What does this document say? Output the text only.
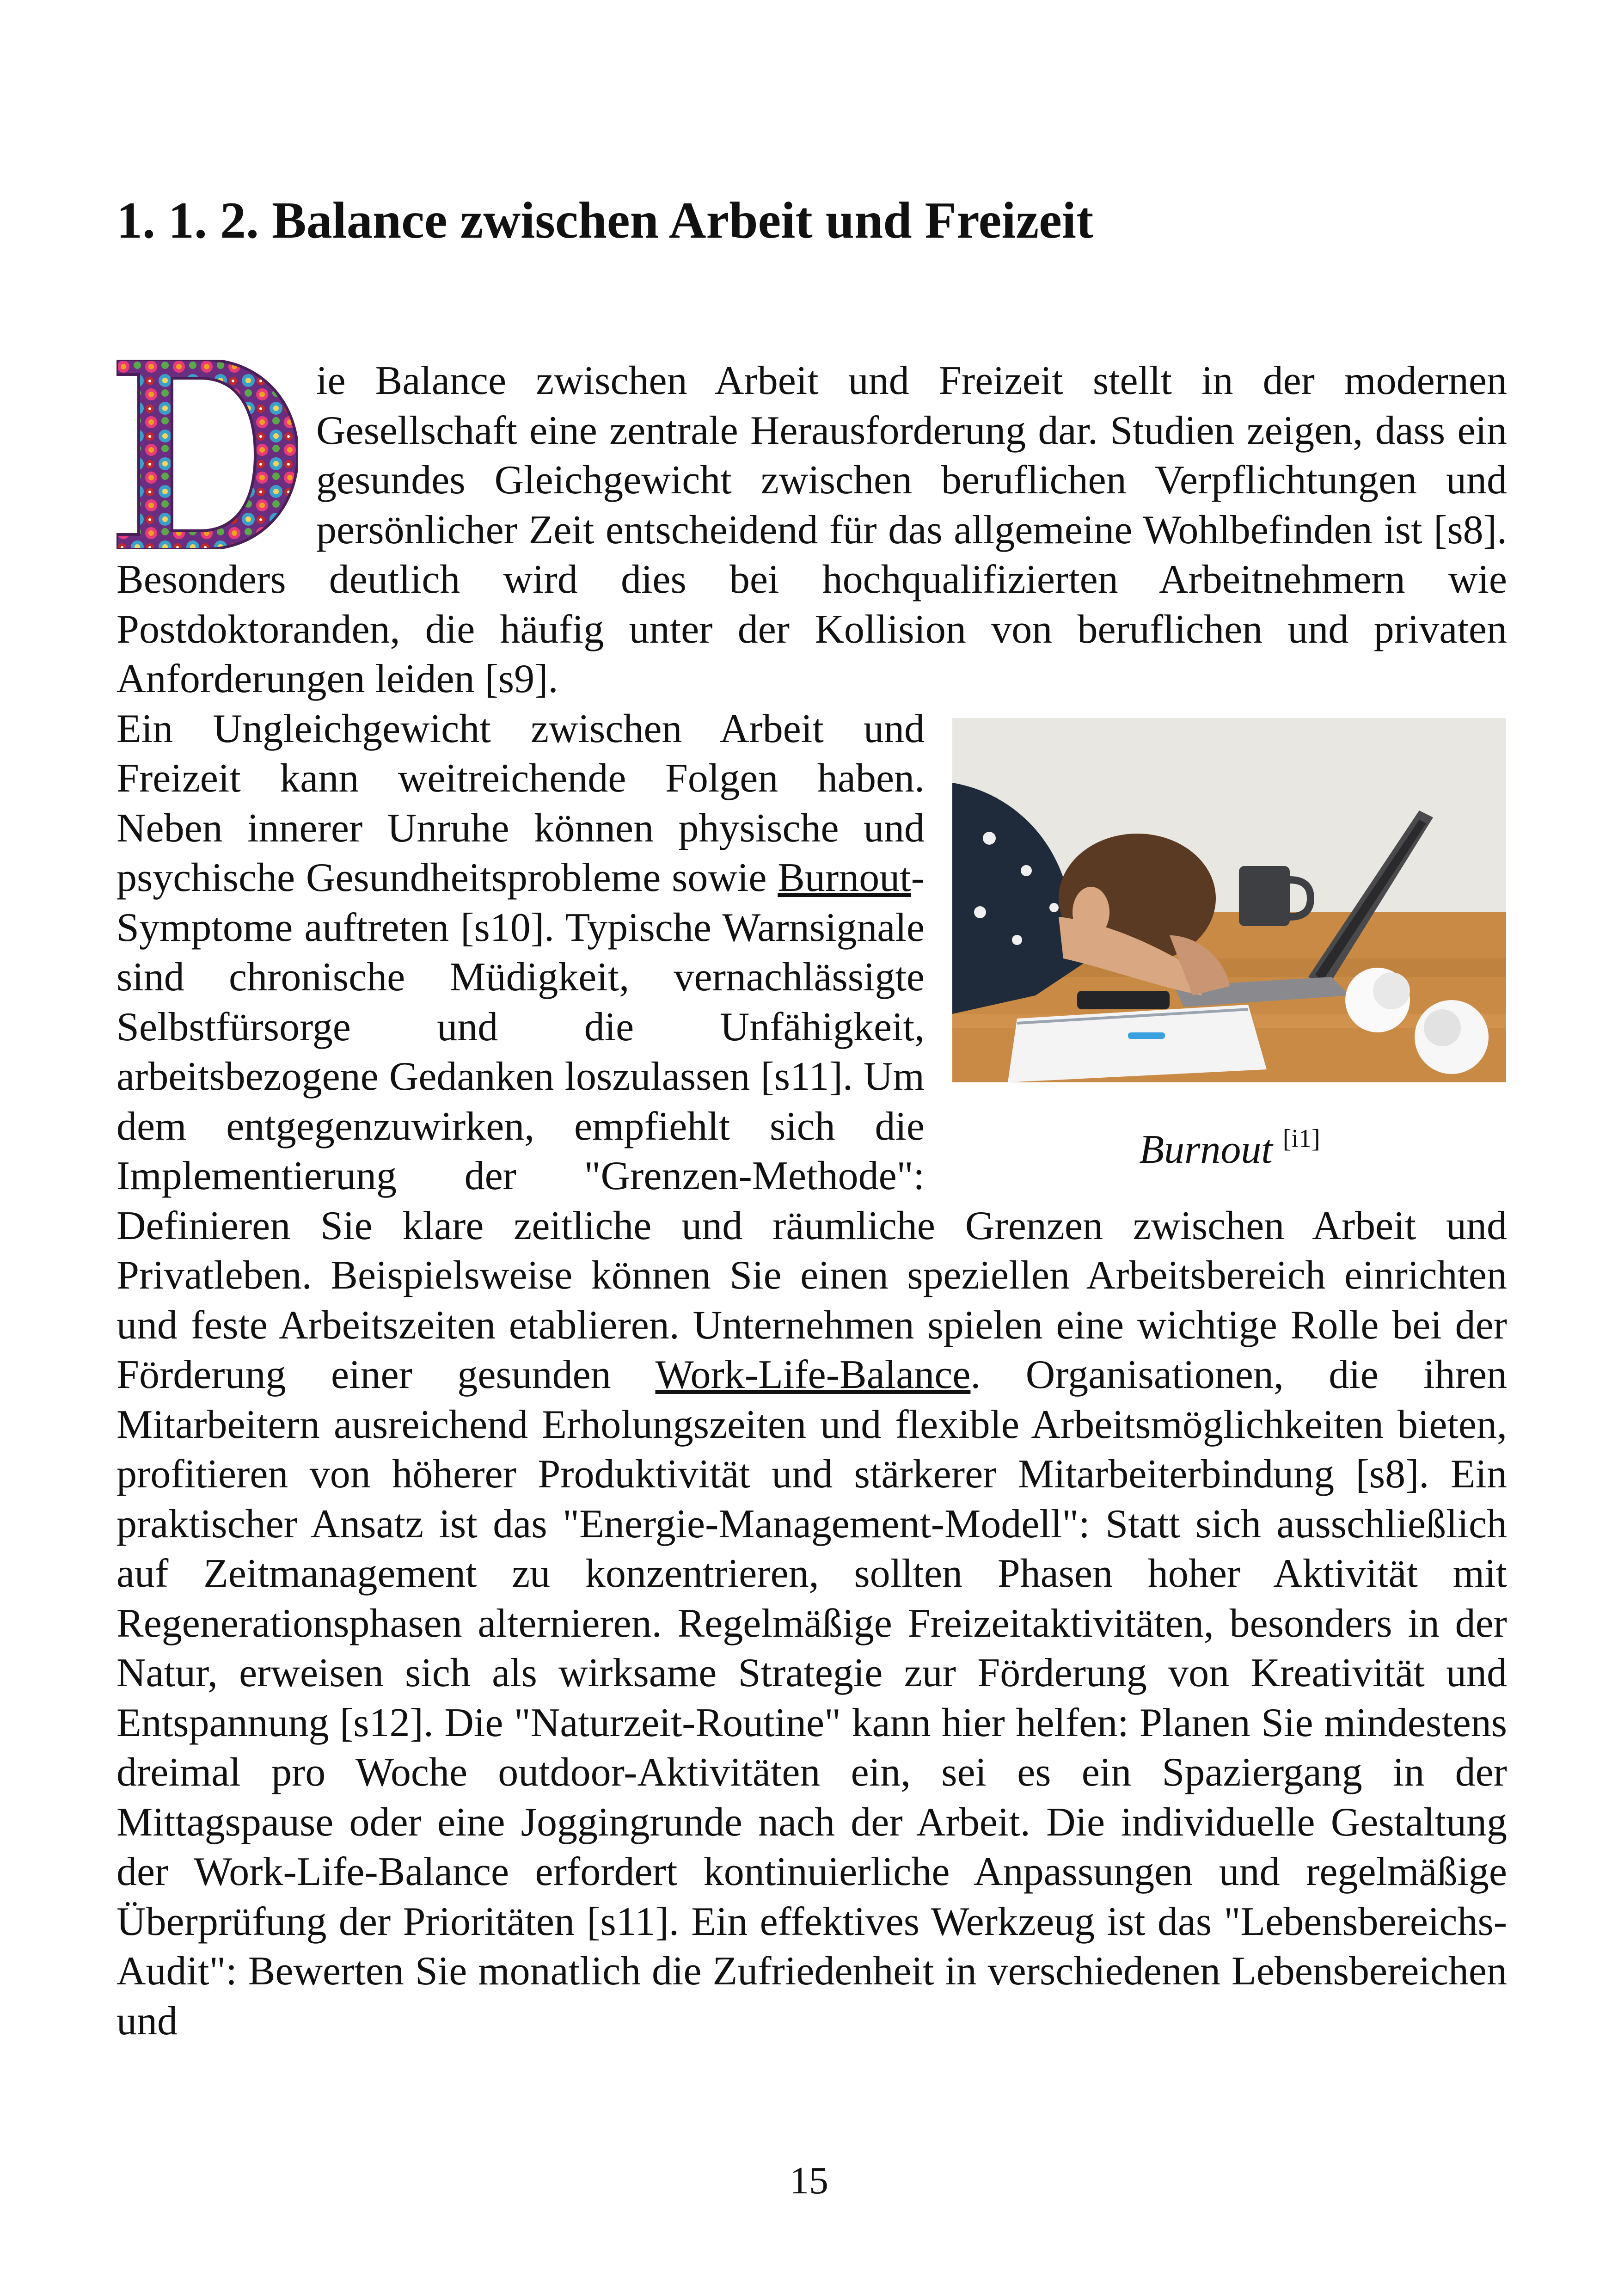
1. 1. 2. Balance zwischen Arbeit und Freizeit

ie Balance zwischen Arbeit und Freizeit stellt in der modernen Gesellschaft eine zentrale Herausforderung dar. Studien zeigen, dass ein gesundes Gleichgewicht zwischen beruflichen Verpflichtungen und persönlicher Zeit entscheidend für das allgemeine Wohlbefinden ist [s8]. Besonders deutlich wird dies bei hochqualifizierten Arbeitnehmern wie Postdoktoranden, die häufig unter der Kollision von beruflichen und privaten Anforderungen leiden [s9].

Burnout [i1]

Ein Ungleichgewicht zwischen Arbeit und Freizeit kann weitreichende Folgen haben. Neben innerer Unruhe können physische und psychische Gesundheitsprobleme sowie Burnout-Symptome auftreten [s10]. Typische Warnsignale sind chronische Müdigkeit, vernachlässigte Selbstfürsorge und die Unfähigkeit, arbeitsbezogene Gedanken loszulassen [s11]. Um dem entgegenzuwirken, empfiehlt sich die Implementierung der "Grenzen-Methode": Definieren Sie klare zeitliche und räumliche Grenzen zwischen Arbeit und Privatleben. Beispielsweise können Sie einen speziellen Arbeitsbereich einrichten und feste Arbeitszeiten etablieren. Unternehmen spielen eine wichtige Rolle bei der Förderung einer gesunden Work-Life-Balance. Organisationen, die ihren Mitarbeitern ausreichend Erholungszeiten und flexible Arbeitsmöglichkeiten bieten, profitieren von höherer Produktivität und stärkerer Mitarbeiterbindung [s8]. Ein praktischer Ansatz ist das "Energie-Management-Modell": Statt sich ausschließlich auf Zeitmanagement zu konzentrieren, sollten Phasen hoher Aktivität mit Regenerationsphasen alternieren. Regelmäßige Freizeitaktivitäten, besonders in der Natur, erweisen sich als wirksame Strategie zur Förderung von Kreativität und Entspannung [s12]. Die "Naturzeit-Routine" kann hier helfen: Planen Sie mindestens dreimal pro Woche outdoor-Aktivitäten ein, sei es ein Spaziergang in der Mittagspause oder eine Joggingrunde nach der Arbeit. Die individuelle Gestaltung der Work-Life-Balance erfordert kontinuierliche Anpassungen und regelmäßige Überprüfung der Prioritäten [s11]. Ein effektives Werkzeug ist das "Lebensbereichs-Audit": Bewerten Sie monatlich die Zufriedenheit in verschiedenen Lebensbereichen und

15
